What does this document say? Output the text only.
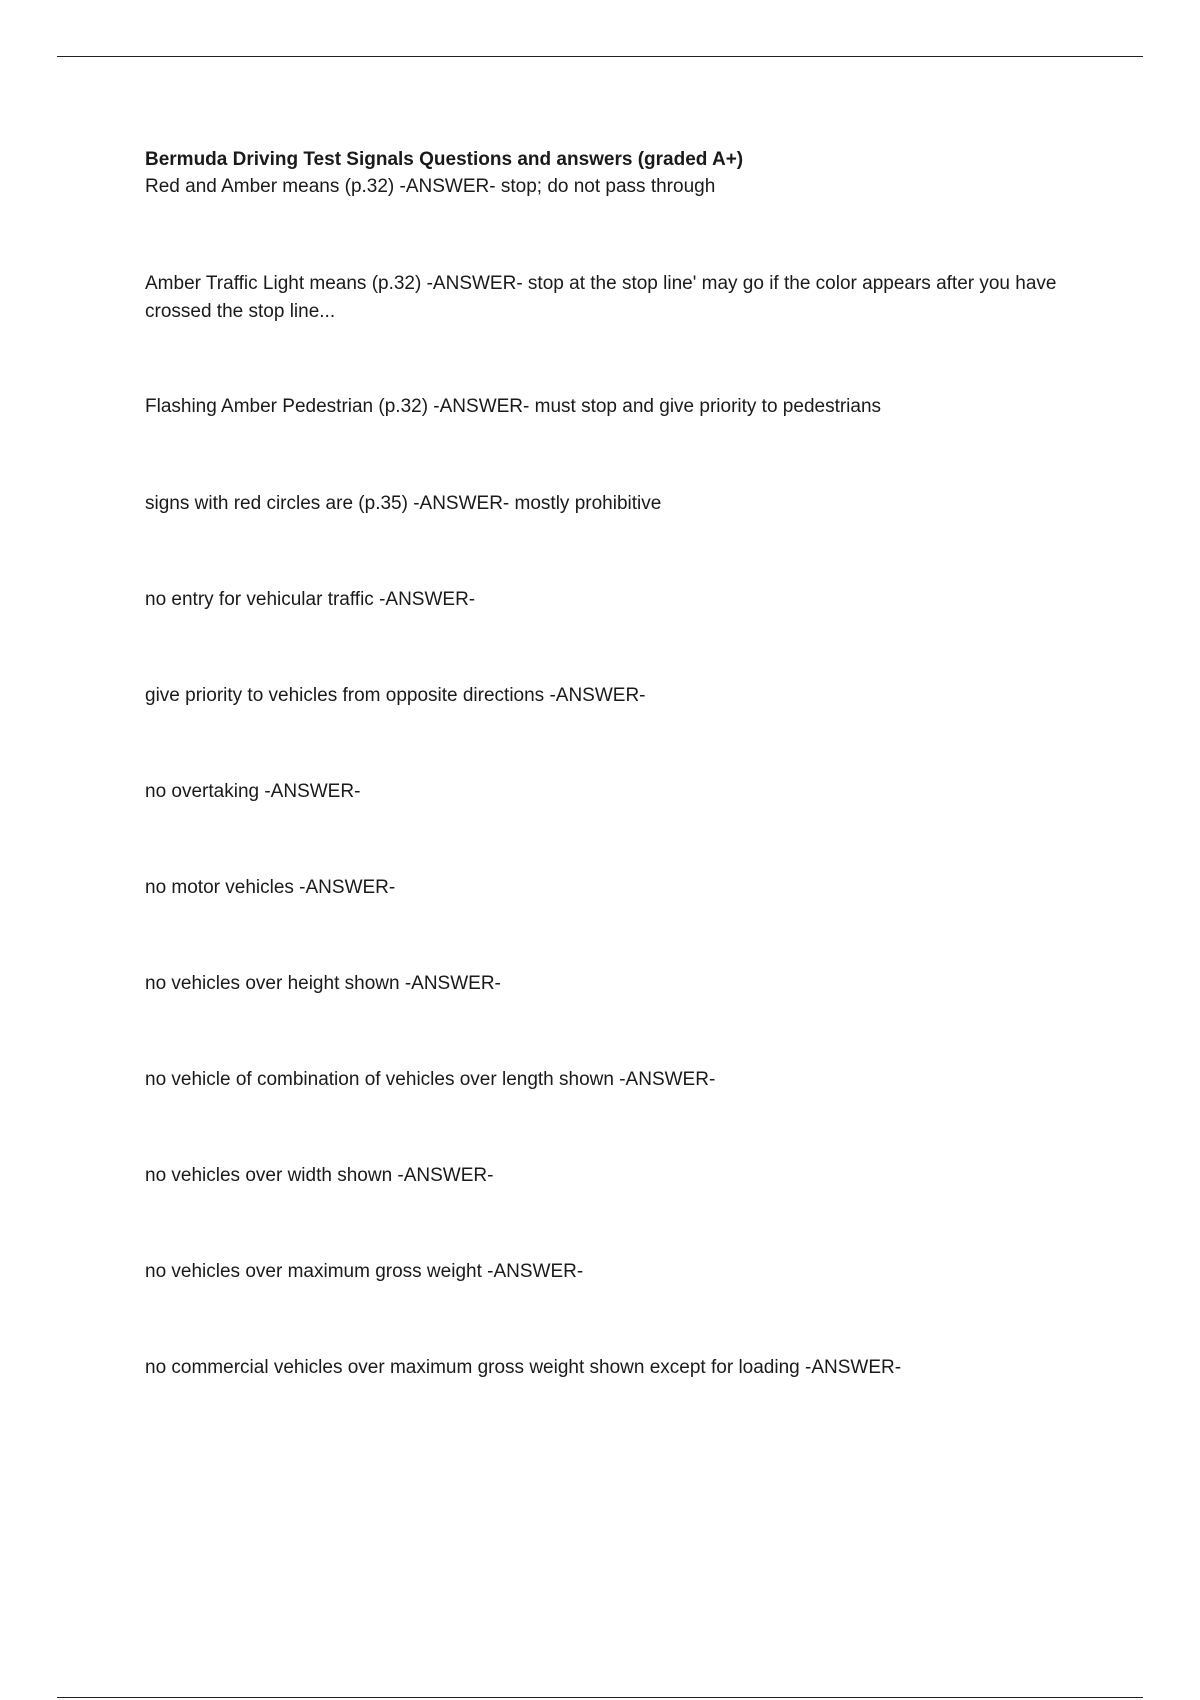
Bermuda Driving Test Signals Questions and answers (graded A+)
Red and Amber means (p.32) -ANSWER- stop; do not pass through
Amber Traffic Light means (p.32) -ANSWER- stop at the stop line' may go if the color appears after you have crossed the stop line...
Flashing Amber Pedestrian (p.32) -ANSWER- must stop and give priority to pedestrians
signs with red circles are (p.35) -ANSWER- mostly prohibitive
no entry for vehicular traffic -ANSWER-
give priority to vehicles from opposite directions -ANSWER-
no overtaking -ANSWER-
no motor vehicles -ANSWER-
no vehicles over height shown -ANSWER-
no vehicle of combination of vehicles over length shown -ANSWER-
no vehicles over width shown -ANSWER-
no vehicles over maximum gross weight -ANSWER-
no commercial vehicles over maximum gross weight shown except for loading -ANSWER-
